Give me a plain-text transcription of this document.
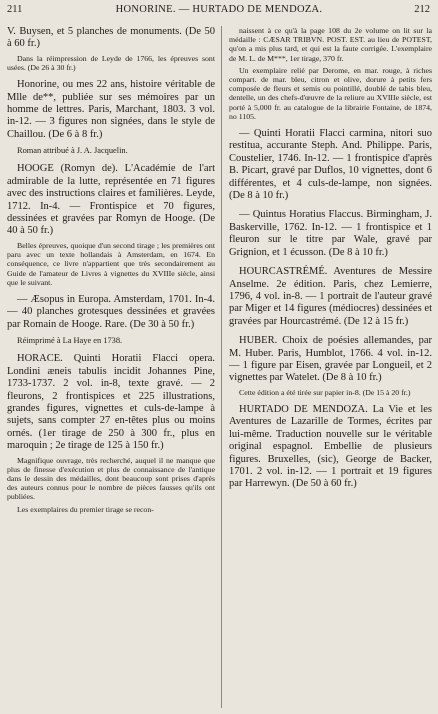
211	HONORINE. — HURTADO DE MENDOZA.	212
V. Buysen, et 5 planches de monuments. (De 50 à 60 fr.)
Dans la réimpression de Leyde de 1766, les épreuves sont usées. (De 26 à 30 fr.)
Honorine, ou mes 22 ans, histoire véritable de Mlle de**, publiée sur ses mémoires par un homme de lettres. Paris, Marchant, 1803. 3 vol. in-12. — 3 figures non signées, dans le style de Chaillou. (De 6 à 8 fr.)
Roman attribué à J. A. Jacquelin.
HOOGE (Romyn de). L'Académie de l'art admirable de la lutte, représentée en 71 figures avec des instructions claires et familières. Leyde, 1712. In-4. — Frontispice et 70 figures, dessinées et gravées par Romyn de Hooge. (De 40 à 50 fr.)
Belles épreuves, quoique d'un second tirage ; les premières ont paru avec un texte hollandais à Amsterdam, en 1674. En conséquence, ce livre n'appartient que très secondairement au Guide de l'amateur de Livres à vignettes du XVIIIe siècle, ainsi que le suivant.
— Æsopus in Europa. Amsterdam, 1701. In-4. — 40 planches grotesques dessinées et gravées par Romain de Hooge. Rare. (De 30 à 50 fr.)
Réimprimé à La Haye en 1738.
HORACE. Quinti Horatii Flacci opera. Londini æneis tabulis incidit Johannes Pine, 1733-1737. 2 vol. in-8, texte gravé. — 2 fleurons, 2 frontispices et 225 illustrations, grandes figures, vignettes et culs-de-lampe à sujets, sans compter 27 en-têtes plus ou moins ornés. (1er tirage de 250 à 300 fr., plus en maroquin ; 2e tirage de 125 à 150 fr.)
Magnifique ouvrage, très recherché, auquel il ne manque que plus de finesse d'exécution et plus de connaissance de l'antique dans le dessin des médailles, dont beaucoup sont prises d'après des auteurs connus pour le nombre de pièces fausses qu'ils ont publiées.
Les exemplaires du premier tirage se recon-
naissent à ce qu'à la page 108 du 2e volume on lit sur la médaille : CÆSAR TRIBVN. POST. EST. au lieu de POTEST, qu'on a mis plus tard, et qui est la faute corrigée. L'exemplaire de M. L. de M***, 1er tirage, 370 fr.
Un exemplaire relié par Derome, en mar. rouge, à riches compart. de mar. bleu, citron et olive, dorure à petits fers composée de fleurs et semis ou pointillé, doublé de tabis bleu, dentelle, un des chefs-d'œuvre de la reliure au XVIIIe siècle, est porté à 5,000 fr. au catalogue de la librairie Fontaine, de 1874, no 1105.
— Quinti Horatii Flacci carmina, nitori suo restitua, accurante Steph. And. Philippe. Paris, Coustelier, 1746. In-12. — 1 frontispice d'après B. Picart, gravé par Duflos, 10 vignettes, dont 6 différentes, et 4 culs-de-lampe, non signées. (De 8 à 10 fr.)
— Quintus Horatius Flaccus. Birmingham, J. Baskerville, 1762. In-12. — 1 frontispice et 1 fleuron sur le titre par Wale, gravé par Grignion, et 1 écusson. (De 8 à 10 fr.)
HOURCASTRÉMÉ. Aventures de Messire Anselme. 2e édition. Paris, chez Lemierre, 1796, 4 vol. in-8. — 1 portrait de l'auteur gravé par Miger et 14 figures (médiocres) dessinées et gravées par Hourcastrémé. (De 12 à 15 fr.)
HUBER. Choix de poésies allemandes, par M. Huber. Paris, Humblot, 1766. 4 vol. in-12. — 1 figure par Eisen, gravée par Longueil, et 2 vignettes par Watelet. (De 8 à 10 fr.)
Cette édition a été tirée sur papier in-8. (De 15 à 20 fr.)
HURTADO DE MENDOZA. La Vie et les Aventures de Lazarille de Tormes, écrites par lui-même. Traduction nouvelle sur le véritable original espagnol. Embellie de plusieurs figures. Bruxelles, (sic), George de Backer, 1701. 2 vol. in-12. — 1 portrait et 19 figures par Harrewyn. (De 50 à 60 fr.)
